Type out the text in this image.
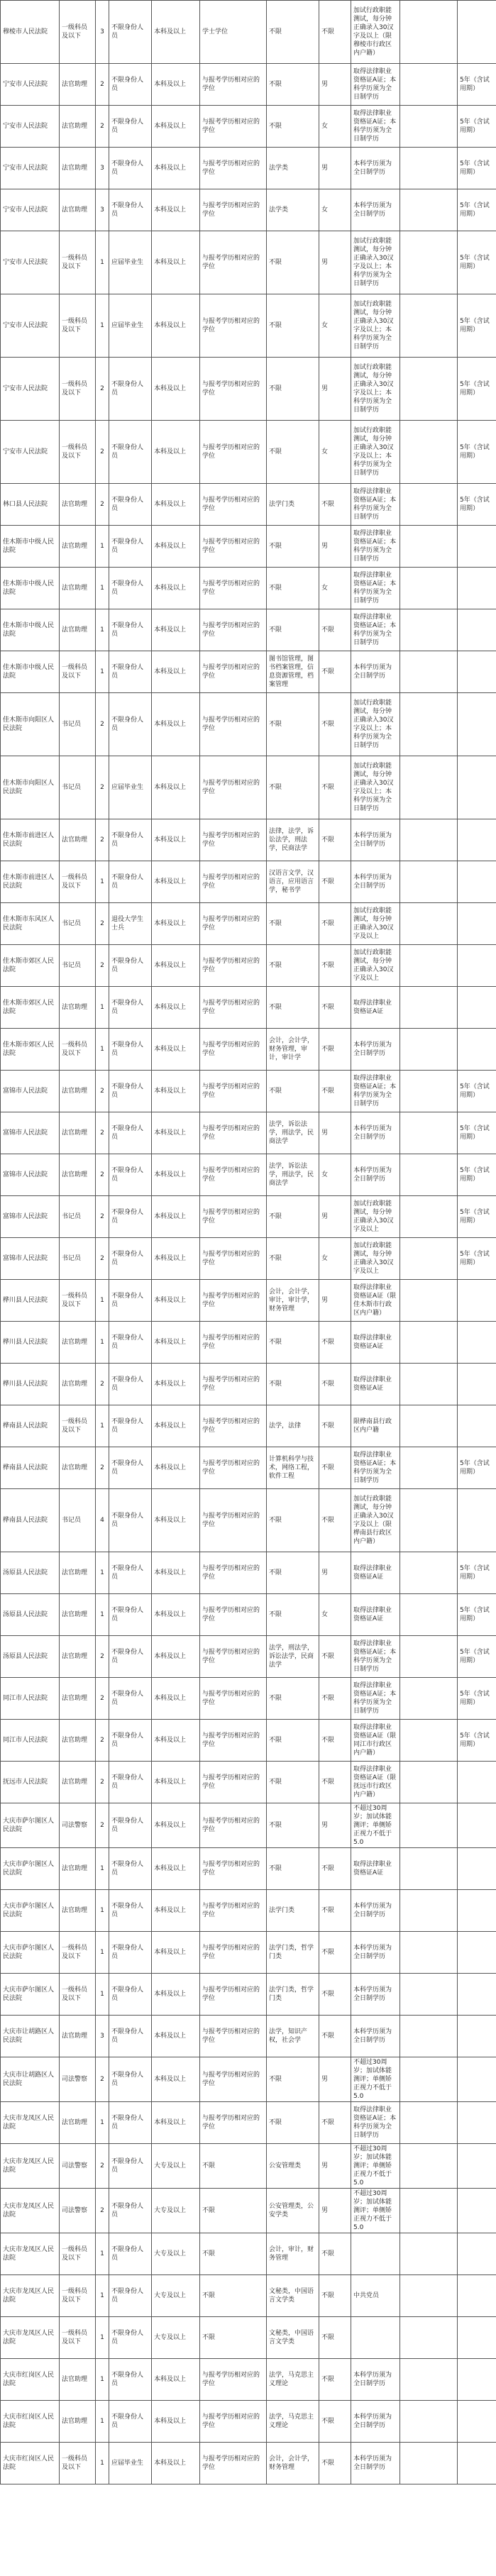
穆棱市人民法院	一级科员及以下	3	不限身份人员	本科及以上	学士学位	不限	不限	加试行政职能测试，每分钟正确录入30汉字及以上（限穆棱市行政区内户籍）		
宁安市人民法院	法官助理	2	不限身份人员	本科及以上	与报考学历相对应的学位	不限	男	取得法律职业资格证A证；本科学历须为全日制学历		5年（含试用期）
宁安市人民法院	法官助理	2	不限身份人员	本科及以上	与报考学历相对应的学位	不限	女	取得法律职业资格证A证；本科学历须为全日制学历		5年（含试用期）
宁安市人民法院	法官助理	3	不限身份人员	本科及以上	与报考学历相对应的学位	法学类	男	本科学历须为全日制学历		5年（含试用期）
宁安市人民法院	法官助理	3	不限身份人员	本科及以上	与报考学历相对应的学位	法学类	女	本科学历须为全日制学历		5年（含试用期）
宁安市人民法院	一级科员及以下	1	应届毕业生	本科及以上	与报考学历相对应的学位	不限	男	加试行政职能测试，每分钟正确录入30汉字及以上；本科学历须为全日制学历		5年（含试用期）
宁安市人民法院	一级科员及以下	1	应届毕业生	本科及以上	与报考学历相对应的学位	不限	女	加试行政职能测试，每分钟正确录入30汉字及以上；本科学历须为全日制学历		5年（含试用期）
宁安市人民法院	一级科员及以下	2	不限身份人员	本科及以上	与报考学历相对应的学位	不限	男	加试行政职能测试，每分钟正确录入30汉字及以上；本科学历须为全日制学历		5年（含试用期）
宁安市人民法院	一级科员及以下	2	不限身份人员	本科及以上	与报考学历相对应的学位	不限	女	加试行政职能测试，每分钟正确录入30汉字及以上；本科学历须为全日制学历		5年（含试用期）
林口县人民法院	法官助理	2	不限身份人员	本科及以上	与报考学历相对应的学位	法学门类	不限	取得法律职业资格证A证；本科学历须为全日制学历		5年（含试用期）
佳木斯市中级人民法院	法官助理	1	不限身份人员	本科及以上	与报考学历相对应的学位	不限	男	取得法律职业资格证A证；本科学历须为全日制学历		
佳木斯市中级人民法院	法官助理	1	不限身份人员	本科及以上	与报考学历相对应的学位	不限	女	取得法律职业资格证A证；本科学历须为全日制学历		
佳木斯市中级人民法院	法官助理	1	不限身份人员	本科及以上	与报考学历相对应的学位	不限	不限	取得法律职业资格证A证；本科学历须为全日制学历		
佳木斯市中级人民法院	一级科员及以下	1	不限身份人员	本科及以上	与报考学历相对应的学位	图书馆管理，图书档案管理，信息资源管理，档案管理	不限	本科学历须为全日制学历		
佳木斯市向阳区人民法院	书记员	2	不限身份人员	本科及以上	与报考学历相对应的学位	不限	不限	加试行政职能测试，每分钟正确录入30汉字及以上；本科学历须为全日制学历		
佳木斯市向阳区人民法院	书记员	2	应届毕业生	本科及以上	与报考学历相对应的学位	不限	不限	加试行政职能测试，每分钟正确录入30汉字及以上；本科学历须为全日制学历		
佳木斯市前进区人民法院	法官助理	2	不限身份人员	本科及以上	与报考学历相对应的学位	法律，法学，诉讼法学，刑法学，民商法学	不限	本科学历须为全日制学历		
佳木斯市前进区人民法院	一级科员及以下	1	不限身份人员	本科及以上	与报考学历相对应的学位	汉语言文学，汉语言，应用语言学，秘书学	不限	本科学历须为全日制学历		
佳木斯市东风区人民法院	书记员	2	退役大学生士兵	本科及以上	与报考学历相对应的学位	不限	不限	加试行政职能测试，每分钟正确录入30汉字及以上		
佳木斯市郊区人民法院	书记员	2	不限身份人员	本科及以上	与报考学历相对应的学位	不限	不限	加试行政职能测试，每分钟正确录入30汉字及以上		
佳木斯市郊区人民法院	法官助理	1	不限身份人员	本科及以上	与报考学历相对应的学位	不限	不限	取得法律职业资格证A证		
佳木斯市郊区人民法院	一级科员及以下	1	不限身份人员	本科及以上	与报考学历相对应的学位	会计，会计学，财务管理，审计，审计学	不限	本科学历须为全日制学历		
富锦市人民法院	法官助理	2	不限身份人员	本科及以上	与报考学历相对应的学位	不限	不限	取得法律职业资格证A证；本科学历须为全日制学历		5年（含试用期）
富锦市人民法院	法官助理	2	不限身份人员	本科及以上	与报考学历相对应的学位	法学，诉讼法学，刑法学，民商法学	男	本科学历须为全日制学历		5年（含试用期）
富锦市人民法院	法官助理	2	不限身份人员	本科及以上	与报考学历相对应的学位	法学，诉讼法学，刑法学，民商法学	女	本科学历须为全日制学历		5年（含试用期）
富锦市人民法院	书记员	2	不限身份人员	本科及以上	与报考学历相对应的学位	不限	男	加试行政职能测试，每分钟正确录入30汉字及以上		5年（含试用期）
富锦市人民法院	书记员	2	不限身份人员	本科及以上	与报考学历相对应的学位	不限	女	加试行政职能测试，每分钟正确录入30汉字及以上		5年（含试用期）
桦川县人民法院	一级科员及以下	1	不限身份人员	本科及以上	与报考学历相对应的学位	会计，会计学，审计，审计学，财务管理	男	取得法律职业资格证A证（限佳木斯市行政区内户籍）		
桦川县人民法院	法官助理	1	不限身份人员	本科及以上	与报考学历相对应的学位	不限	不限	取得法律职业资格证A证		
桦川县人民法院	法官助理	2	不限身份人员	本科及以上	与报考学历相对应的学位	不限	不限	取得法律职业资格证A证		
桦南县人民法院	一级科员及以下	1	不限身份人员	本科及以上	与报考学历相对应的学位	法学，法律	不限	限桦南县行政区内户籍		
桦南县人民法院	法官助理	2	不限身份人员	本科及以上	与报考学历相对应的学位	计算机科学与技术，网络工程，软件工程	不限	取得法律职业资格证A证；本科学历须为全日制学历		5年（含试用期）
桦南县人民法院	书记员	4	不限身份人员	本科及以上	与报考学历相对应的学位	不限	不限	加试行政职能测试，每分钟正确录入30汉字及以上（限桦南县行政区内户籍）		
汤原县人民法院	法官助理	1	不限身份人员	本科及以上	与报考学历相对应的学位	不限	男	取得法律职业资格证A证		5年（含试用期）
汤原县人民法院	法官助理	1	不限身份人员	本科及以上	与报考学历相对应的学位	不限	女	取得法律职业资格证A证		5年（含试用期）
汤原县人民法院	法官助理	2	不限身份人员	本科及以上	与报考学历相对应的学位	法学，刑法学，诉讼法学，民商法学	不限	取得法律职业资格证A证；本科学历须为全日制学历		5年（含试用期）
同江市人民法院	法官助理	2	不限身份人员	本科及以上	与报考学历相对应的学位	不限	不限	取得法律职业资格证A证；本科学历须为全日制学历		5年（含试用期）
同江市人民法院	法官助理	2	不限身份人员	本科及以上	与报考学历相对应的学位	不限	不限	取得法律职业资格证A证（限同江市行政区内户籍）		5年（含试用期）
抚远市人民法院	法官助理	2	不限身份人员	本科及以上	与报考学历相对应的学位	不限	不限	取得法律职业资格证A证（限抚远市行政区内户籍）		
大庆市萨尔图区人民法院	司法警察	2	不限身份人员	本科及以上	与报考学历相对应的学位	不限	男	不超过30周岁；加试体能测评；单侧矫正视力不低于5.0		
大庆市萨尔图区人民法院	法官助理	1	不限身份人员	本科及以上	与报考学历相对应的学位	不限	不限	取得法律职业资格证A证		
大庆市萨尔图区人民法院	法官助理	1	不限身份人员	本科及以上	与报考学历相对应的学位	法学门类	不限	本科学历须为全日制学历		
大庆市萨尔图区人民法院	一级科员及以下	1	不限身份人员	本科及以上	与报考学历相对应的学位	法学门类，哲学门类	不限	本科学历须为全日制学历		
大庆市萨尔图区人民法院	一级科员及以下	1	不限身份人员	本科及以上	与报考学历相对应的学位	法学门类，哲学门类	不限	本科学历须为全日制学历		
大庆市让胡路区人民法院	法官助理	3	不限身份人员	本科及以上	与报考学历相对应的学位	法学，知识产权，社会学	不限	本科学历须为全日制学历		
大庆市让胡路区人民法院	司法警察	2	不限身份人员	本科及以上	与报考学历相对应的学位	不限	男	不超过30周岁；加试体能测评；单侧矫正视力不低于5.0		
大庆市龙凤区人民法院	法官助理	1	不限身份人员	本科及以上	与报考学历相对应的学位	不限	不限	取得法律职业资格证A证；本科学历须为全日制学历		
大庆市龙凤区人民法院	司法警察	2	不限身份人员	大专及以上	不限	公安管理类	男	不超过30周岁；加试体能测评；单侧矫正视力不低于5.0		
大庆市龙凤区人民法院	司法警察	2	不限身份人员	大专及以上	不限	公安管理类，公安学类	男	不超过30周岁；加试体能测评；单侧矫正视力不低于5.0		
大庆市龙凤区人民法院	一级科员及以下	1	不限身份人员	大专及以上	不限	会计，审计，财务管理	不限			
大庆市龙凤区人民法院	一级科员及以下	1	不限身份人员	大专及以上	不限	文秘类，中国语言文学类	不限	中共党员		
大庆市龙凤区人民法院	一级科员及以下	1	不限身份人员	大专及以上	不限	文秘类，中国语言文学类	不限			
大庆市红岗区人民法院	法官助理	1	不限身份人员	本科及以上	与报考学历相对应的学位	法学，马克思主义理论	不限	本科学历须为全日制学历		
大庆市红岗区人民法院	法官助理	1	不限身份人员	本科及以上	与报考学历相对应的学位	法学，马克思主义理论	不限	本科学历须为全日制学历		
大庆市红岗区人民法院	一级科员及以下	1	应届毕业生	本科及以上	与报考学历相对应的学位	会计，会计学，财务管理	不限	本科学历须为全日制学历		
